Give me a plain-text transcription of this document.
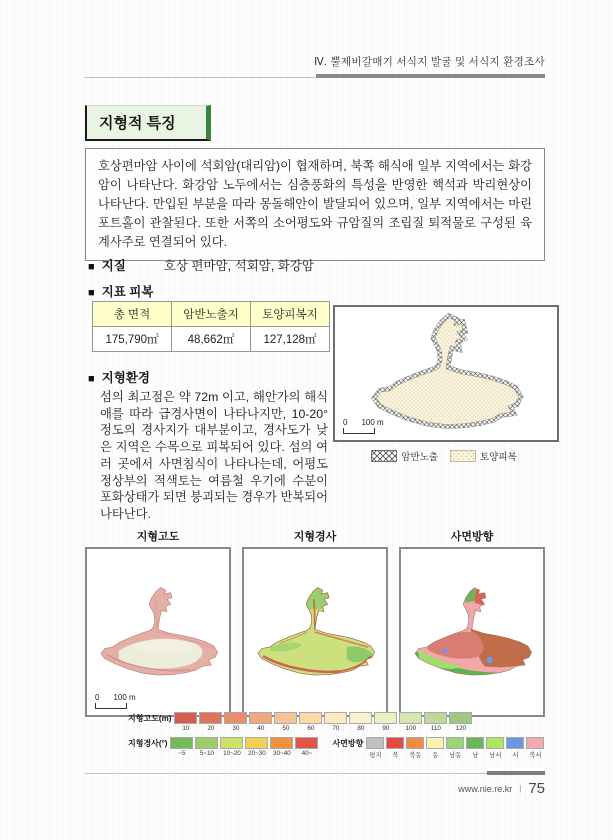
Ⅳ. 뿔제비갈매기 서식지 발굴 및 서식지 환경조사
지형적 특징
호상편마암 사이에 석회암(대리암)이 협재하며, 북쪽 해식애 일부 지역에서는 화강암이 나타난다. 화강암 노두에서는 심층풍화의 특성을 반영한 핵석과 박리현상이 나타난다. 만입된 부분을 따라 몽돌해안이 발달되어 있으며, 일부 지역에서는 마린포트홀이 관찰된다. 또한 서쪽의 소어평도와 규암질의 조립질 퇴적물로 구성된 육계사주로 연결되어 있다.
■ 지질	호상 편마암, 석회암, 화강암
■ 지표 피복
총 면적	암반노출지	토양피복지
175,790㎡	48,662㎡	127,128㎡
0 100 m
암반노출	토양피복
■ 지형환경
섬의 최고점은 약 72m 이고, 해안가의 해식애를 따라 급경사면이 나타나지만, 10-20° 정도의 경사지가 대부분이고, 경사도가 낮은 지역은 수목으로 피복되어 있다. 섬의 여러 곳에서 사면침식이 나타나는데, 어평도 정상부의 적색토는 여름철 우기에 수분이 포화상태가 되면 붕괴되는 경우가 반복되어 나타난다.
지형고도
0 100 m
지형경사	사면방향
지형고도(m)
10	20	30	40	50	60	70	80	90	100 110 120
지형경사(°)
~5 5~10 10~20 20~30 30~40 40~
사면방향
평지 북 북동 동 남동 남 남서 서 북서
www.nie.re.kr | 75
